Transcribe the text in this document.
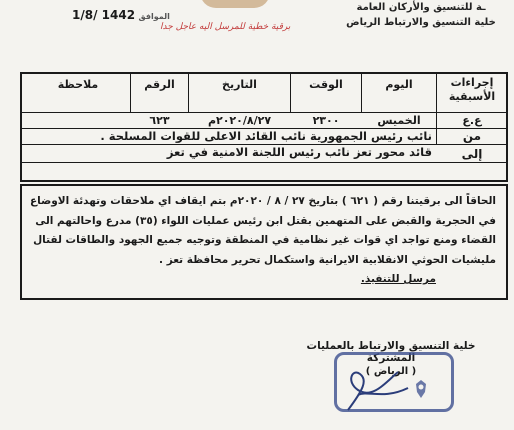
ـة للتنسيق والأركان العامة
خلية التنسيق والارتباط الرياض
الموافق 1442 /1/8
برقية خطية للمرسل اليه عاجل جدا
إجراءات
الأسبقية
اليوم
الوقت
التاريخ
الرقم
ملاحظة
ع.ع
الخميس
٢٣٠٠
٢٠٢٠/٨/٢٧م
٦٢٣
من
نائب رئيس الجمهورية نائب القائد الاعلى للقوات المسلحة .
إلى
قائد محور تعز نائب رئيس اللجنة الامنية في تعز

الحاقاً الى برقيتنا رقم ( ٦٢١ ) بتاريخ ٢٧ / ٨ / ٢٠٢٠م بتم ايقاف اي ملاحقات وتهدئة الاوضاع

في الحجرية والقبض على المتهمين بقتل ابن رئيس عمليات اللواء (٣٥) مدرع واحالتهم الى

القضاء ومنع تواجد اي قوات غير نظامية في المنطقة وتوجيه جميع الجهود والطاقات لقتال

مليشيات الحوثي الانقلابية الايرانية واستكمال تحرير محافظة تعز .

مرسل للتنفيذ.

خلية التنسيق والارتباط بالعمليات المشتركة
( الرياض )
